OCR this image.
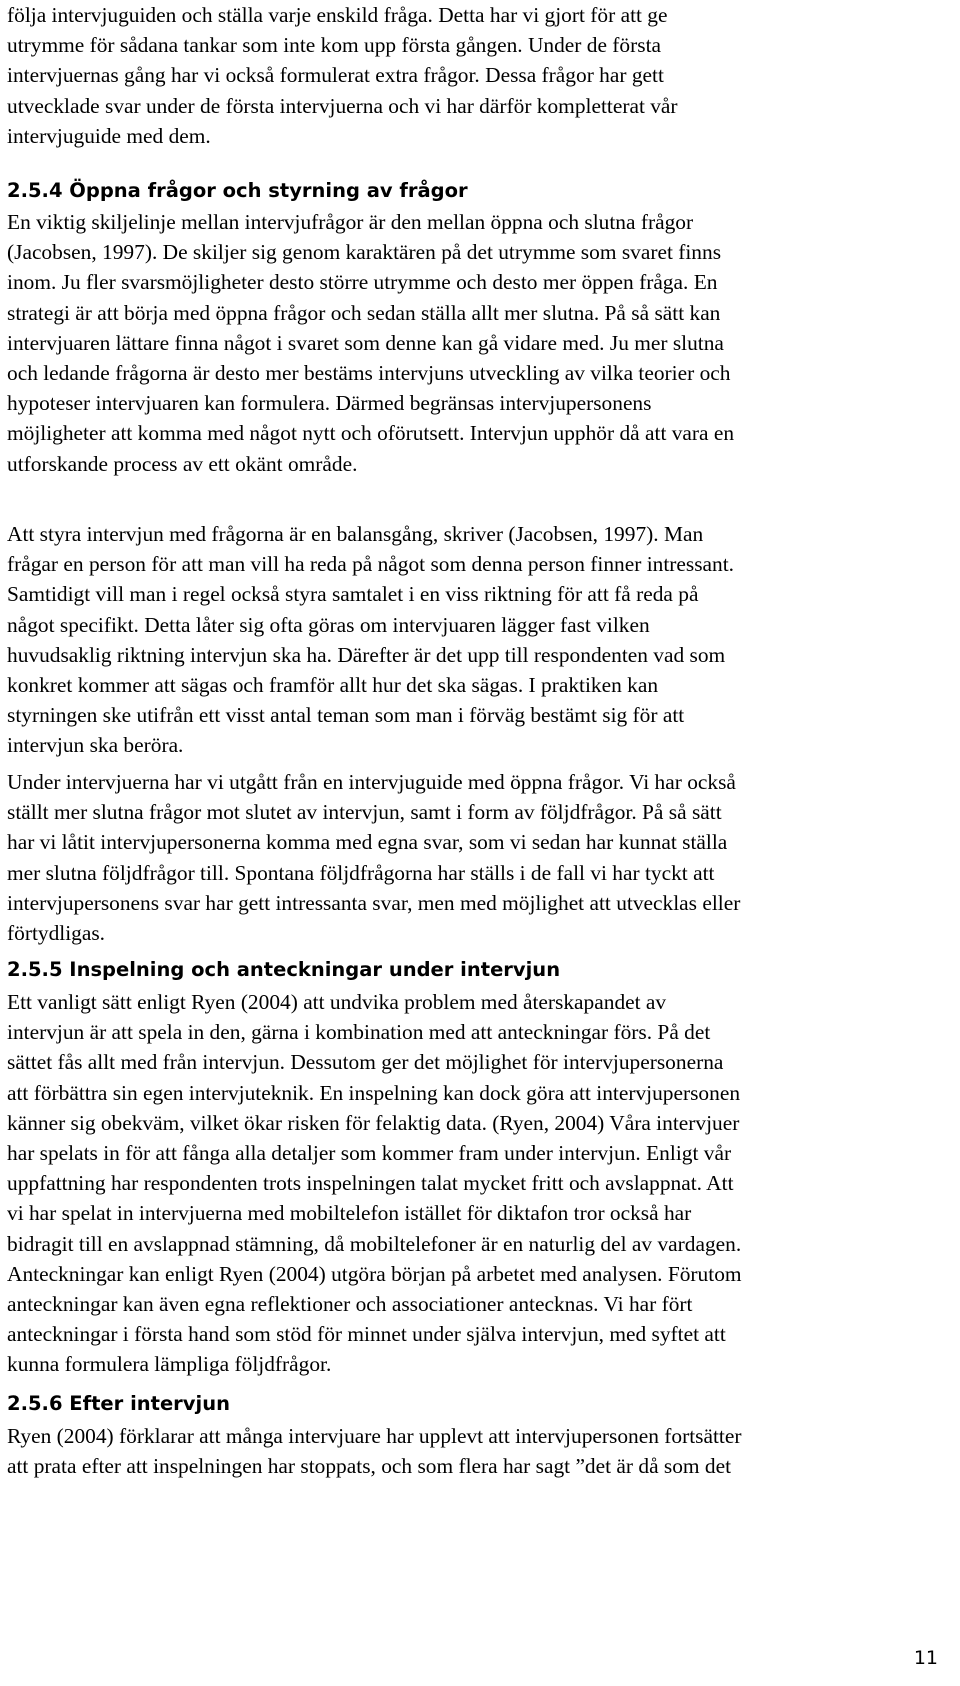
följa intervjuguiden och ställa varje enskild fråga. Detta har vi gjort för att ge
utrymme för sådana tankar som inte kom upp första gången. Under de första
intervjuernas gång har vi också formulerat extra frågor. Dessa frågor har gett
utvecklade svar under de första intervjuerna och vi har därför kompletterat vår
intervjuguide med dem.
2.5.4 Öppna frågor och styrning av frågor
En viktig skiljelinje mellan intervjufrågor är den mellan öppna och slutna frågor
(Jacobsen, 1997). De skiljer sig genom karaktären på det utrymme som svaret finns
inom. Ju fler svarsmöjligheter desto större utrymme och desto mer öppen fråga. En
strategi är att börja med öppna frågor och sedan ställa allt mer slutna. På så sätt kan
intervjuaren lättare finna något i svaret som denne kan gå vidare med. Ju mer slutna
och ledande frågorna är desto mer bestäms intervjuns utveckling av vilka teorier och
hypoteser intervjuaren kan formulera. Därmed begränsas intervjupersonens
möjligheter att komma med något nytt och oförutsett. Intervjun upphör då att vara en
utforskande process av ett okänt område.
Att styra intervjun med frågorna är en balansgång, skriver (Jacobsen, 1997). Man
frågar en person för att man vill ha reda på något som denna person finner intressant.
Samtidigt vill man i regel också styra samtalet i en viss riktning för att få reda på
något specifikt. Detta låter sig ofta göras om intervjuaren lägger fast vilken
huvudsaklig riktning intervjun ska ha. Därefter är det upp till respondenten vad som
konkret kommer att sägas och framför allt hur det ska sägas. I praktiken kan
styrningen ske utifrån ett visst antal teman som man i förväg bestämt sig för att
intervjun ska beröra.
Under intervjuerna har vi utgått från en intervjuguide med öppna frågor. Vi har också
ställt mer slutna frågor mot slutet av intervjun, samt i form av följdfrågor. På så sätt
har vi låtit intervjupersonerna komma med egna svar, som vi sedan har kunnat ställa
mer slutna följdfrågor till. Spontana följdfrågorna har ställs i de fall vi har tyckt att
intervjupersonens svar har gett intressanta svar, men med möjlighet att utvecklas eller
förtydligas.
2.5.5 Inspelning och anteckningar under intervjun
Ett vanligt sätt enligt Ryen (2004) att undvika problem med återskapandet av
intervjun är att spela in den, gärna i kombination med att anteckningar förs. På det
sättet fås allt med från intervjun. Dessutom ger det möjlighet för intervjupersonerna
att förbättra sin egen intervjuteknik. En inspelning kan dock göra att intervjupersonen
känner sig obekväm, vilket ökar risken för felaktig data. (Ryen, 2004) Våra intervjuer
har spelats in för att fånga alla detaljer som kommer fram under intervjun. Enligt vår
uppfattning har respondenten trots inspelningen talat mycket fritt och avslappnat. Att
vi har spelat in intervjuerna med mobiltelefon istället för diktafon tror också har
bidragit till en avslappnad stämning, då mobiltelefoner är en naturlig del av vardagen.
Anteckningar kan enligt Ryen (2004) utgöra början på arbetet med analysen. Förutom
anteckningar kan även egna reflektioner och associationer antecknas. Vi har fört
anteckningar i första hand som stöd för minnet under själva intervjun, med syftet att
kunna formulera lämpliga följdfrågor.
2.5.6 Efter intervjun
Ryen (2004) förklarar att många intervjuare har upplevt att intervjupersonen fortsätter
att prata efter att inspelningen har stoppats, och som flera har sagt ”det är då som det
11
